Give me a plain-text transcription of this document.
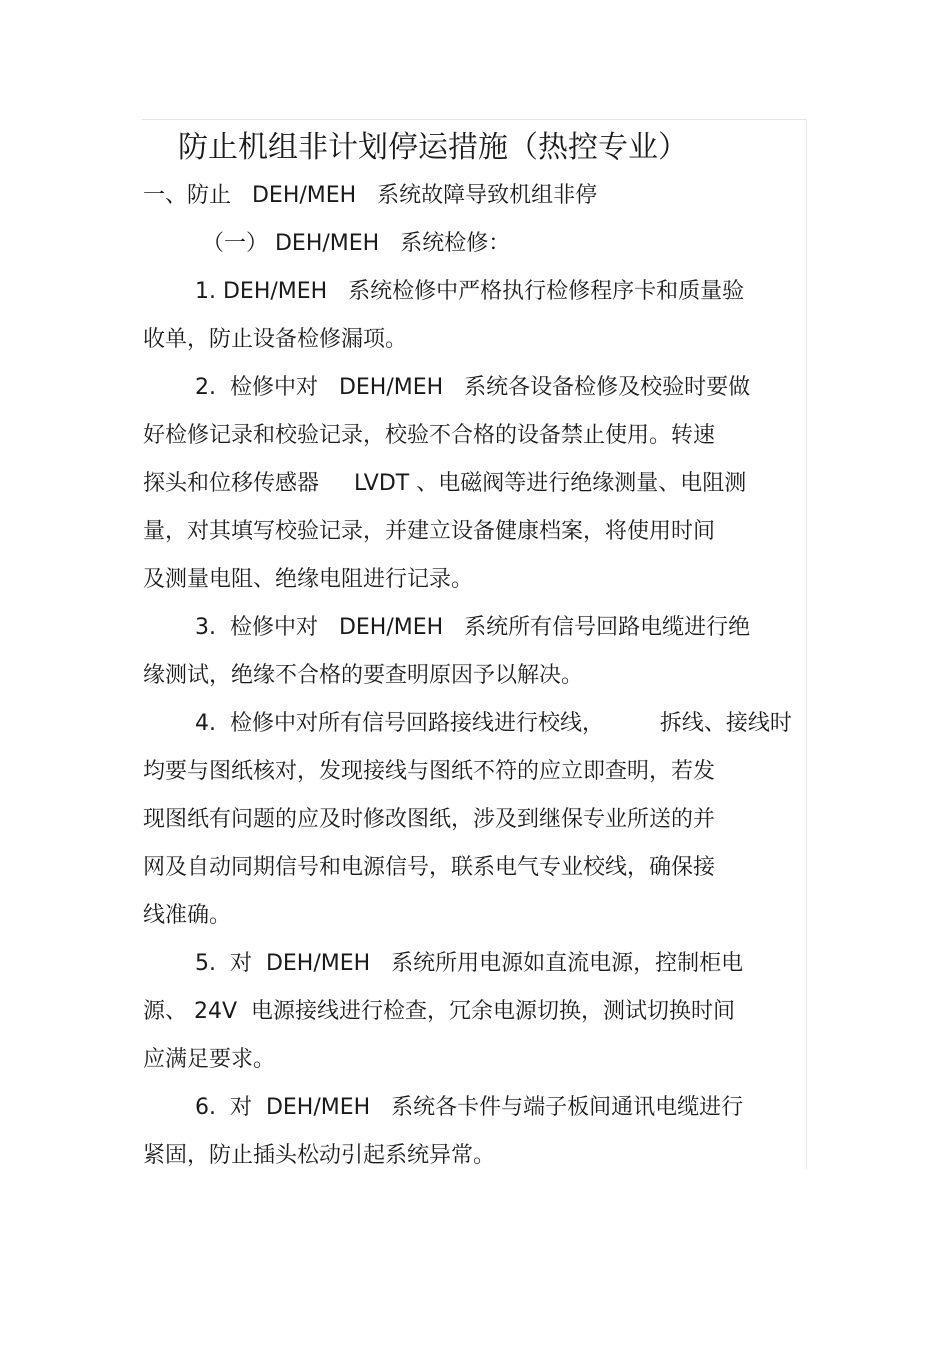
防止机组非计划停运措施（热控专业）
一、防止   DEH/MEH   系统故障导致机组非停
（一） DEH/MEH   系统检修：
1. DEH/MEH   系统检修中严格执行检修程序卡和质量验
收单，防止设备检修漏项。
2.  检修中对   DEH/MEH   系统各设备检修及校验时要做
好检修记录和校验记录，校验不合格的设备禁止使用。转速
探头和位移传感器     LVDT 、电磁阀等进行绝缘测量、电阻测
量，对其填写校验记录，并建立设备健康档案，将使用时间
及测量电阻、绝缘电阻进行记录。
3.  检修中对   DEH/MEH   系统所有信号回路电缆进行绝
缘测试，绝缘不合格的要查明原因予以解决。
4.  检修中对所有信号回路接线进行校线，        拆线、接线时
均要与图纸核对，发现接线与图纸不符的应立即查明，若发
现图纸有问题的应及时修改图纸，涉及到继保专业所送的并
网及自动同期信号和电源信号，联系电气专业校线，确保接
线准确。
5.  对  DEH/MEH   系统所用电源如直流电源，控制柜电
源、 24V  电源接线进行检查，冗余电源切换，测试切换时间
应满足要求。
6.  对  DEH/MEH   系统各卡件与端子板间通讯电缆进行
紧固，防止插头松动引起系统异常。
